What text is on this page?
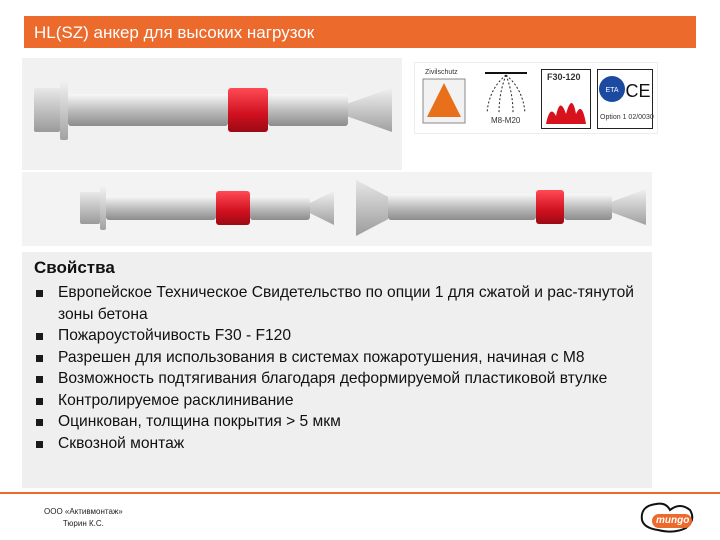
HL(SZ) анкер для высоких нагрузок
Zivilschutz
M8-M20
F30-120
ETA CE
Option 1 02/0030
Свойства
Европейское Техническое Свидетельство по опции 1 для сжатой и рас-тянутой зоны бетона
Пожароустойчивость F30 - F120
Разрешен для использования в системах пожаротушения, начиная с М8
Возможность подтягивания благодаря деформируемой пластиковой втулке
Контролируемое расклинивание
Оцинкован, толщина покрытия > 5 мкм
Сквозной монтаж
ООО «Активмонтаж»
Тюрин К.С.	mungo
